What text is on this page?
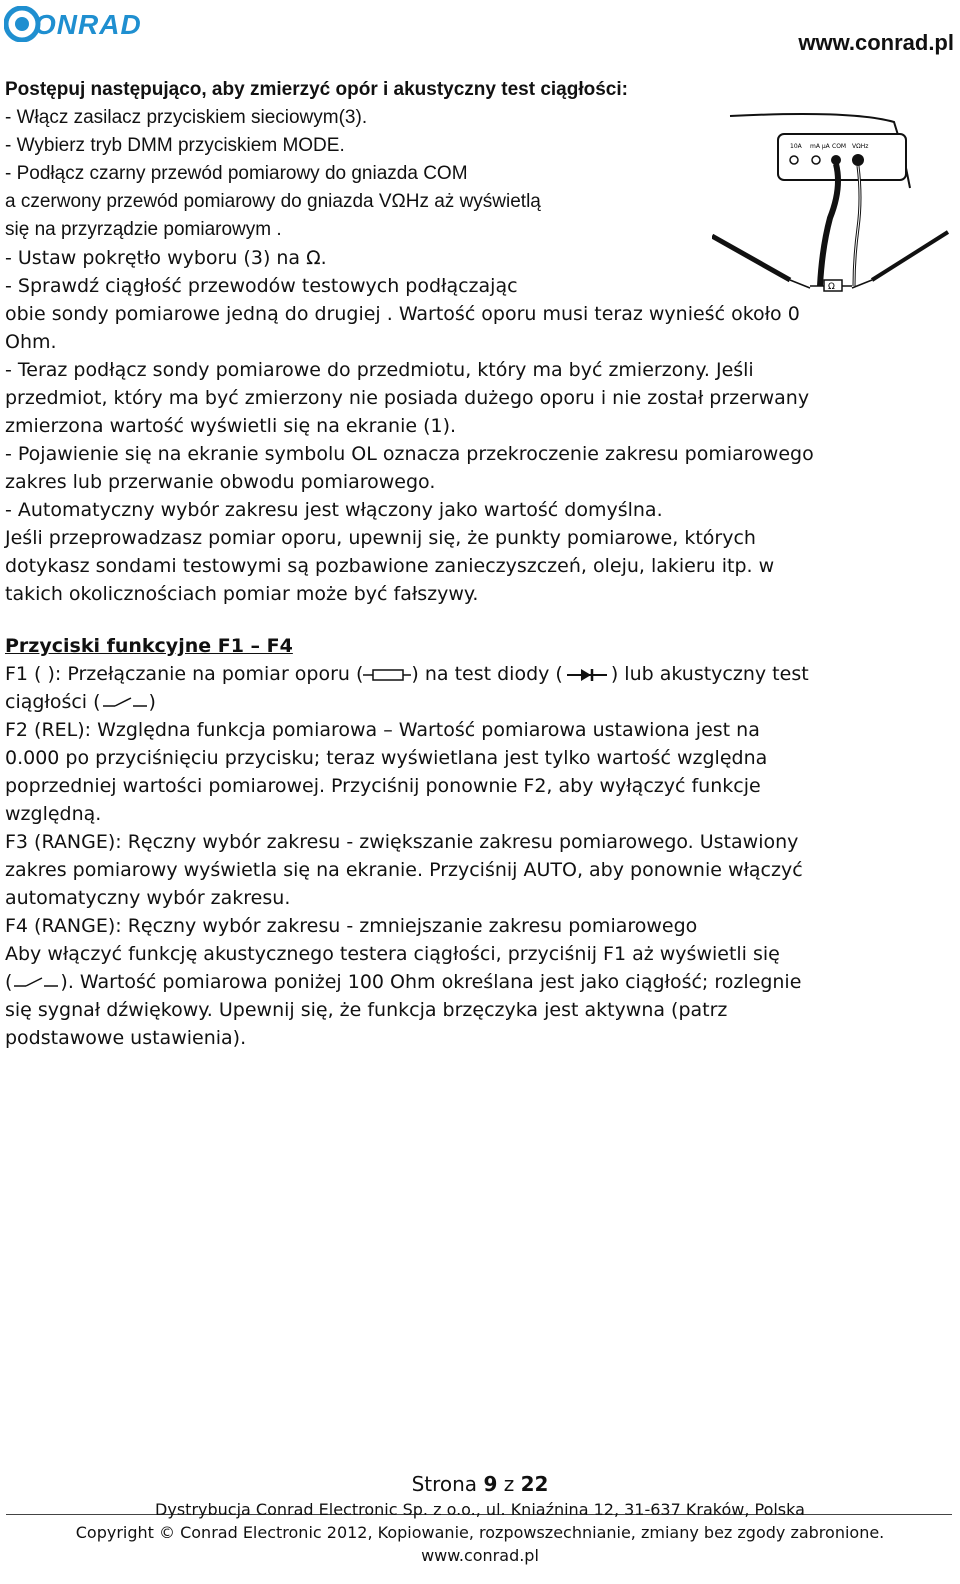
ONRAD
www.conrad.pl
Postępuj następująco, aby zmierzyć opór i akustyczny test ciągłości:
- Włącz zasilacz przyciskiem sieciowym(3).
- Wybierz tryb DMM przyciskiem MODE.
- Podłącz czarny przewód pomiarowy do gniazda COM
a czerwony przewód pomiarowy do gniazda VΩHz aż wyświetlą
się na przyrządzie pomiarowym .
- Ustaw pokrętło wyboru (3) na Ω.
- Sprawdź ciągłość przewodów testowych podłączając
obie sondy pomiarowe jedną do drugiej . Wartość oporu musi teraz wynieść około 0
Ohm.
- Teraz podłącz sondy pomiarowe do przedmiotu, który ma być zmierzony. Jeśli
przedmiot, który ma być zmierzony nie posiada dużego oporu i nie został przerwany
zmierzona wartość wyświetli się na ekranie (1).
- Pojawienie się na ekranie symbolu OL oznacza przekroczenie zakresu pomiarowego
zakres lub przerwanie obwodu pomiarowego.
- Automatyczny wybór zakresu jest włączony jako wartość domyślna.
Jeśli przeprowadzasz pomiar oporu, upewnij się, że punkty pomiarowe, których
dotykasz sondami testowymi są pozbawione zanieczyszczeń, oleju, lakieru itp. w
takich okolicznościach pomiar może być fałszywy.
10A mA µA COM VΩHz
Ω
Przyciski funkcyjne F1 – F4
F1 ( ): Przełączanie na pomiar oporu (	) na test diody (	) lub akustyczny test
ciągłości (	)
F2 (REL): Względna funkcja pomiarowa – Wartość pomiarowa ustawiona jest na
0.000 po przyciśnięciu przycisku; teraz wyświetlana jest tylko wartość względna
poprzedniej wartości pomiarowej. Przyciśnij ponownie F2, aby wyłączyć funkcje
względną.
F3 (RANGE): Ręczny wybór zakresu - zwiększanie zakresu pomiarowego. Ustawiony
zakres pomiarowy wyświetla się na ekranie. Przyciśnij AUTO, aby ponownie włączyć
automatyczny wybór zakresu.
F4 (RANGE): Ręczny wybór zakresu - zmniejszanie zakresu pomiarowego
Aby włączyć funkcję akustycznego testera ciągłości, przyciśnij F1 aż wyświetli się
(	). Wartość pomiarowa poniżej 100 Ohm określana jest jako ciągłość; rozlegnie
się sygnał dźwiękowy. Upewnij się, że funkcja brzęczyka jest aktywna (patrz
podstawowe ustawienia).
Strona 9 z 22
Dystrybucja Conrad Electronic Sp. z o.o., ul. Kniaźnina 12, 31-637 Kraków, Polska
Copyright © Conrad Electronic 2012, Kopiowanie, rozpowszechnianie, zmiany bez zgody zabronione.
www.conrad.pl
